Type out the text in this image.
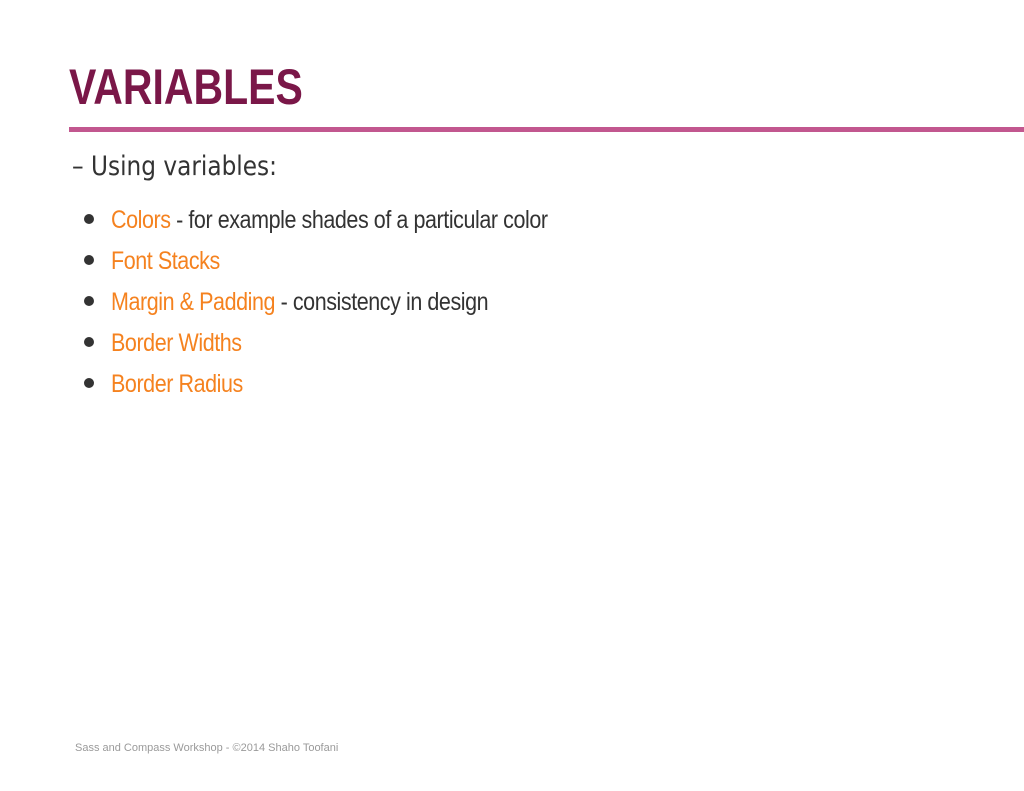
VARIABLES

– Using variables:

Colors - for example shades of a particular color
Font Stacks
Margin & Padding - consistency in design
Border Widths
Border Radius
Sass and Compass Workshop - ©2014 Shaho Toofani
